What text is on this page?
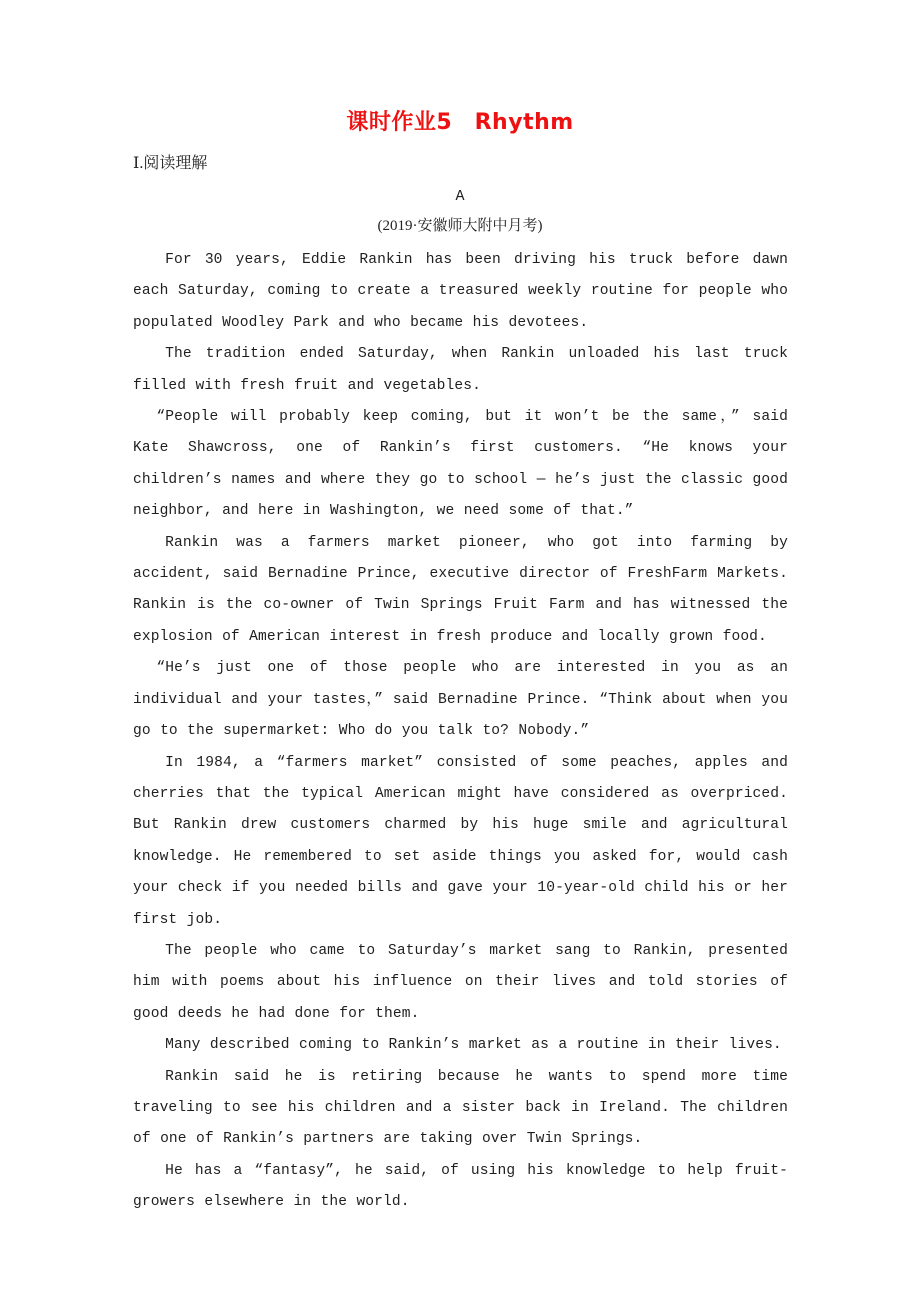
课时作业5　Rhythm
Ⅰ.阅读理解
A
(2019·安徽师大附中月考)

For 30 years, Eddie Rankin has been driving his truck before dawn each Saturday, coming to create a treasured weekly routine for people who populated Woodley Park and who became his devotees.

The tradition ended Saturday, when Rankin unloaded his last truck filled with fresh fruit and vegetables.

“People will probably keep coming, but it won’t be the same，” said Kate Shawcross, one of Rankin’s first customers. “He knows your children’s names and where they go to school — he’s just the classic good neighbor, and here in Washington, we need some of that.”

Rankin was a farmers market pioneer, who got into farming by accident, said Bernadine Prince, executive director of FreshFarm Markets. Rankin is the co-owner of Twin Springs Fruit Farm and has witnessed the explosion of American interest in fresh produce and locally grown food.

“He’s just one of those people who are interested in you as an individual and your tastes，” said Bernadine Prince. “Think about when you go to the supermarket: Who do you talk to? Nobody.”

In 1984, a “farmers market” consisted of some peaches, apples and cherries that the typical American might have considered as overpriced. But Rankin drew customers charmed by his huge smile and agricultural knowledge. He remembered to set aside things you asked for, would cash your check if you needed bills and gave your 10-year-old child his or her first job.

The people who came to Saturday’s market sang to Rankin, presented him with poems about his influence on their lives and told stories of good deeds he had done for them.

Many described coming to Rankin’s market as a routine in their lives.

Rankin said he is retiring because he wants to spend more time traveling to see his children and a sister back in Ireland. The children of one of Rankin’s partners are taking over Twin Springs.

He has a “fantasy”, he said, of using his knowledge to help fruit-growers elsewhere in the world.
